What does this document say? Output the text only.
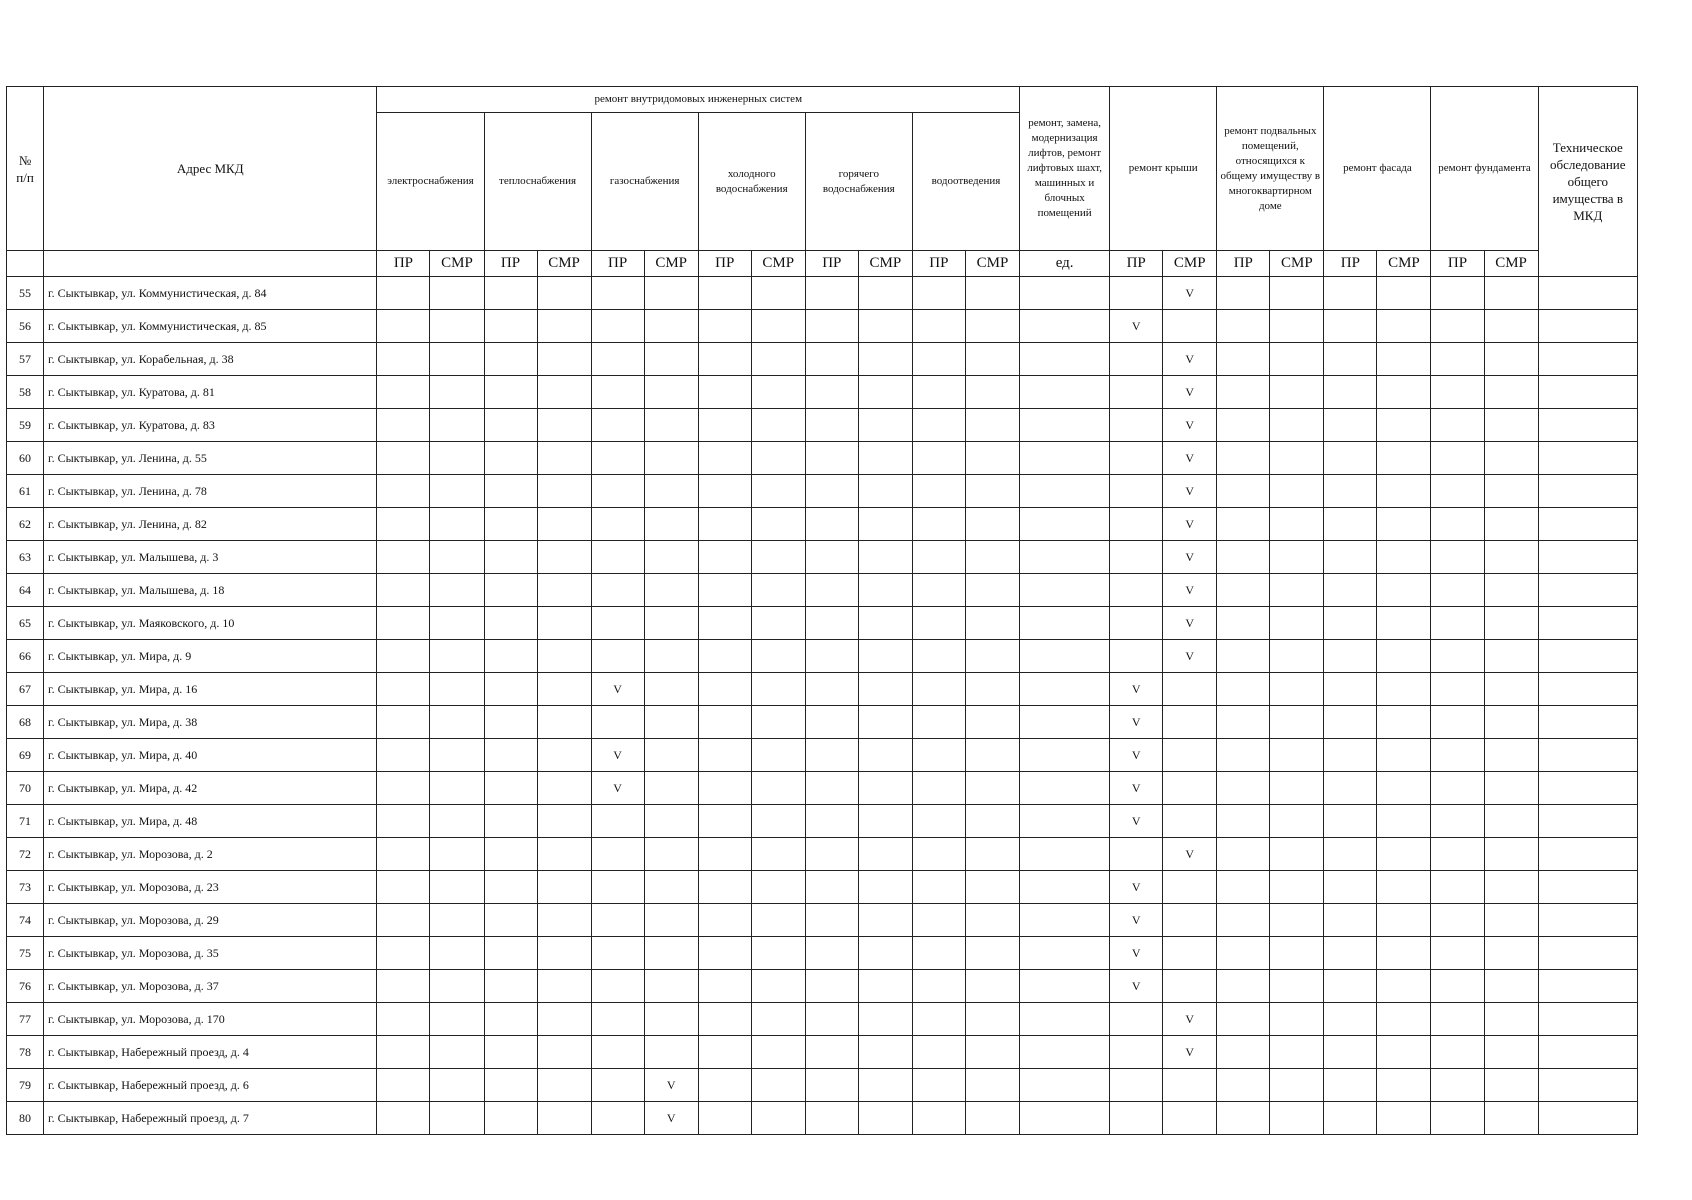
№
п/п	Адрес МКД	ремонт внутридомовых инженерных систем												ремонт, замена, модернизация лифтов, ремонт лифтовых шахт, машинных и блочных помещений	ремонт крыши		ремонт подвальных помещений, относящихся к общему имуществу в многоквартирном доме		ремонт фасада		ремонт фундамента		Техническое обследование общего имущества в МКД
		электроснабжения		теплоснабжения		газоснабжения		холодного водоснабжения		горячего водоснабжения		водоотведения											
		ПР	СМР	ПР	СМР	ПР	СМР	ПР	СМР	ПР	СМР	ПР	СМР	ед.	ПР	СМР	ПР	СМР	ПР	СМР	ПР	СМР	
55	г. Сыктывкар, ул. Коммунистическая, д. 84															V							
56	г. Сыктывкар, ул. Коммунистическая, д. 85														V								
57	г. Сыктывкар, ул. Корабельная, д. 38															V							
58	г. Сыктывкар, ул. Куратова, д. 81															V							
59	г. Сыктывкар, ул. Куратова, д. 83															V							
60	г. Сыктывкар, ул. Ленина, д. 55															V							
61	г. Сыктывкар, ул. Ленина, д. 78															V							
62	г. Сыктывкар, ул. Ленина, д. 82															V							
63	г. Сыктывкар, ул. Малышева, д. 3															V							
64	г. Сыктывкар, ул. Малышева, д. 18															V							
65	г. Сыктывкар, ул. Маяковского, д. 10															V							
66	г. Сыктывкар, ул. Мира, д. 9															V							
67	г. Сыктывкар, ул. Мира, д. 16					V									V								
68	г. Сыктывкар, ул. Мира, д. 38														V								
69	г. Сыктывкар, ул. Мира, д. 40					V									V								
70	г. Сыктывкар, ул. Мира, д. 42					V									V								
71	г. Сыктывкар, ул. Мира, д. 48														V								
72	г. Сыктывкар, ул. Морозова, д. 2															V							
73	г. Сыктывкар, ул. Морозова, д. 23														V								
74	г. Сыктывкар, ул. Морозова, д. 29														V								
75	г. Сыктывкар, ул. Морозова, д. 35														V								
76	г. Сыктывкар, ул. Морозова, д. 37														V								
77	г. Сыктывкар, ул. Морозова, д. 170															V							
78	г. Сыктывкар, Набережный проезд, д. 4															V							
79	г. Сыктывкар, Набережный проезд, д. 6						V																
80	г. Сыктывкар, Набережный проезд, д. 7						V																
